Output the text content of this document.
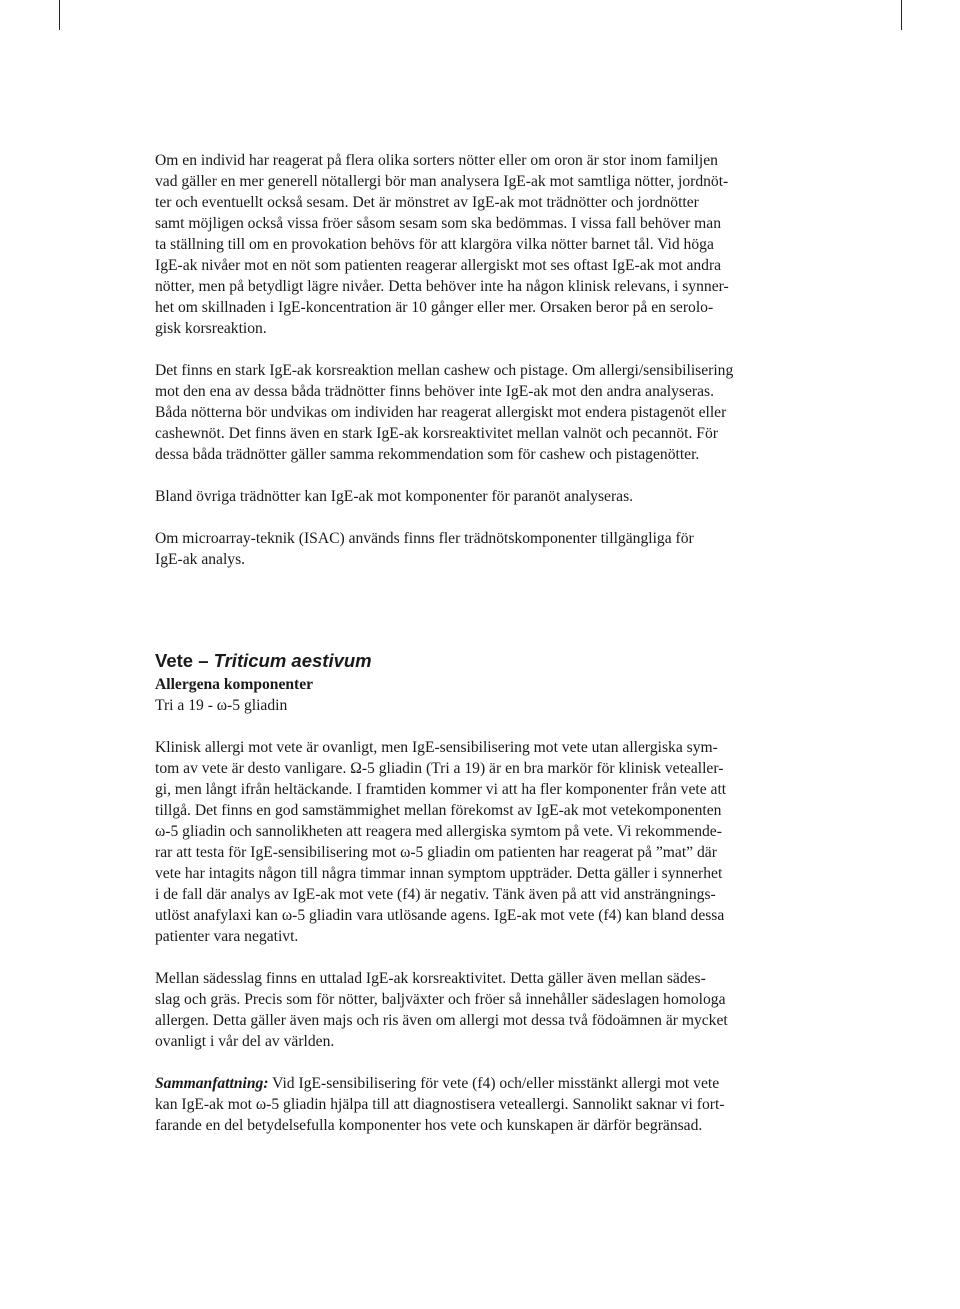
Om en individ har reagerat på flera olika sorters nötter eller om oron är stor inom familjen
vad gäller en mer generell nötallergi bör man analysera IgE-ak mot samtliga nötter, jordnöt-
ter och eventuellt också sesam. Det är mönstret av IgE-ak mot trädnötter och jordnötter
samt möjligen också vissa fröer såsom sesam som ska bedömmas. I vissa fall behöver man
ta ställning till om en provokation behövs för att klargöra vilka nötter barnet tål. Vid höga
IgE-ak nivåer mot en nöt som patienten reagerar allergiskt mot ses oftast IgE-ak mot andra
nötter, men på betydligt lägre nivåer. Detta behöver inte ha någon klinisk relevans, i synner-
het om skillnaden i IgE-koncentration är 10 gånger eller mer. Orsaken beror på en serolo-
gisk korsreaktion.

Det finns en stark IgE-ak korsreaktion mellan cashew och pistage. Om allergi/sensibilisering
mot den ena av dessa båda trädnötter finns behöver inte IgE-ak mot den andra analyseras.
Båda nötterna bör undvikas om individen har reagerat allergiskt mot endera pistagenöt eller
cashewnöt. Det finns även en stark IgE-ak korsreaktivitet mellan valnöt och pecannöt. För
dessa båda trädnötter gäller samma rekommendation som för cashew och pistagenötter.

Bland övriga trädnötter kan IgE-ak mot komponenter för paranöt analyseras.

Om microarray-teknik (ISAC) används finns fler trädnötskomponenter tillgängliga för
IgE-ak analys.

Vete – Triticum aestivum

Allergena komponenter

Tri a 19 - ω-5 gliadin

Klinisk allergi mot vete är ovanligt, men IgE-sensibilisering mot vete utan allergiska sym-
tom av vete är desto vanligare. Ω-5 gliadin (Tri a 19) är en bra markör för klinisk vetealler-
gi, men långt ifrån heltäckande. I framtiden kommer vi att ha fler komponenter från vete att
tillgå. Det finns en god samstämmighet mellan förekomst av IgE-ak mot vetekomponenten
ω-5 gliadin och sannolikheten att reagera med allergiska symtom på vete. Vi rekommende-
rar att testa för IgE-sensibilisering mot ω-5 gliadin om patienten har reagerat på ”mat” där
vete har intagits någon till några timmar innan symptom uppträder. Detta gäller i synnerhet
i de fall där analys av IgE-ak mot vete (f4) är negativ. Tänk även på att vid ansträngnings-
utlöst anafylaxi kan ω-5 gliadin vara utlösande agens. IgE-ak mot vete (f4) kan bland dessa
patienter vara negativt.

Mellan sädesslag finns en uttalad IgE-ak korsreaktivitet. Detta gäller även mellan sädes-
slag och gräs. Precis som för nötter, baljväxter och fröer så innehåller sädeslagen homologa
allergen. Detta gäller även majs och ris även om allergi mot dessa två födoämnen är mycket
ovanligt i vår del av världen.

Sammanfattning: Vid IgE-sensibilisering för vete (f4) och/eller misstänkt allergi mot vete
kan IgE-ak mot ω-5 gliadin hjälpa till att diagnostisera veteallergi. Sannolikt saknar vi fort-
farande en del betydelsefulla komponenter hos vete och kunskapen är därför begränsad.
